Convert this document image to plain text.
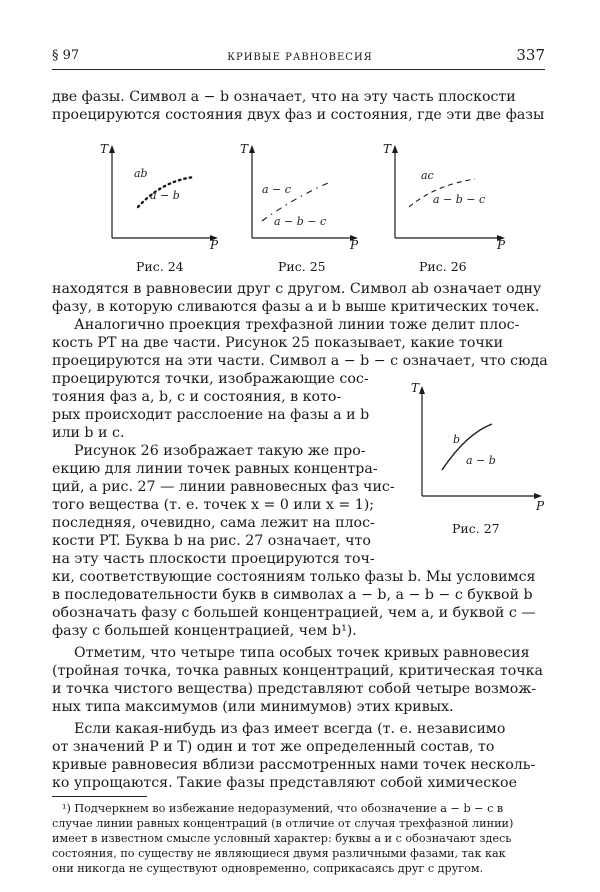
§ 97	КРИВЫЕ РАВНОВЕСИЯ	337
две фазы. Символ a − b означает, что на эту часть плоскости
проецируются состояния двух фаз и состояния, где эти две фазы
T
P
ab
a − b
Рис. 24
T
P
a − c
a − b − c
Рис. 25
T
P
ac
a − b − c
Рис. 26
находятся в равновесии друг с другом. Символ ab означает одну
фазу, в которую сливаются фазы a и b выше критических точек.
Аналогично проекция трехфазной линии тоже делит плос-
кость PT на две части. Рисунок 25 показывает, какие точки
проецируются на эти части. Символ a − b − c означает, что сюда
проецируются точки, изображающие сос-
тояния фаз a, b, c и состояния, в кото-
рых происходит расслоение на фазы a и b
или b и c.
Рисунок 26 изображает такую же про-
екцию для линии точек равных концентра-
ций, а рис. 27 — линии равновесных фаз чис-
того вещества (т. е. точек x = 0 или x = 1);
последняя, очевидно, сама лежит на плос-
кости PT. Буква b на рис. 27 означает, что
на эту часть плоскости проецируются точ-
T
P
b
a − b
Рис. 27
ки, соответствующие состояниям только фазы b. Мы условимся
в последовательности букв в символах a − b, a − b − c буквой b
обозначать фазу с большей концентрацией, чем a, и буквой c —
фазу с большей концентрацией, чем b¹).
Отметим, что четыре типа особых точек кривых равновесия
(тройная точка, точка равных концентраций, критическая точка
и точка чистого вещества) представляют собой четыре возмож-
ных типа максимумов (или минимумов) этих кривых.
Если какая-нибудь из фаз имеет всегда (т. е. независимо
от значений P и T) один и тот же определенный состав, то
кривые равновесия вблизи рассмотренных нами точек несколь-
ко упрощаются. Такие фазы представляют собой химическое
¹) Подчеркнем во избежание недоразумений, что обозначение a − b − c в
случае линии равных концентраций (в отличие от случая трехфазной линии)
имеет в известном смысле условный характер: буквы a и c обозначают здесь
состояния, по существу не являющиеся двумя различными фазами, так как
они никогда не существуют одновременно, соприкасаясь друг с другом.
